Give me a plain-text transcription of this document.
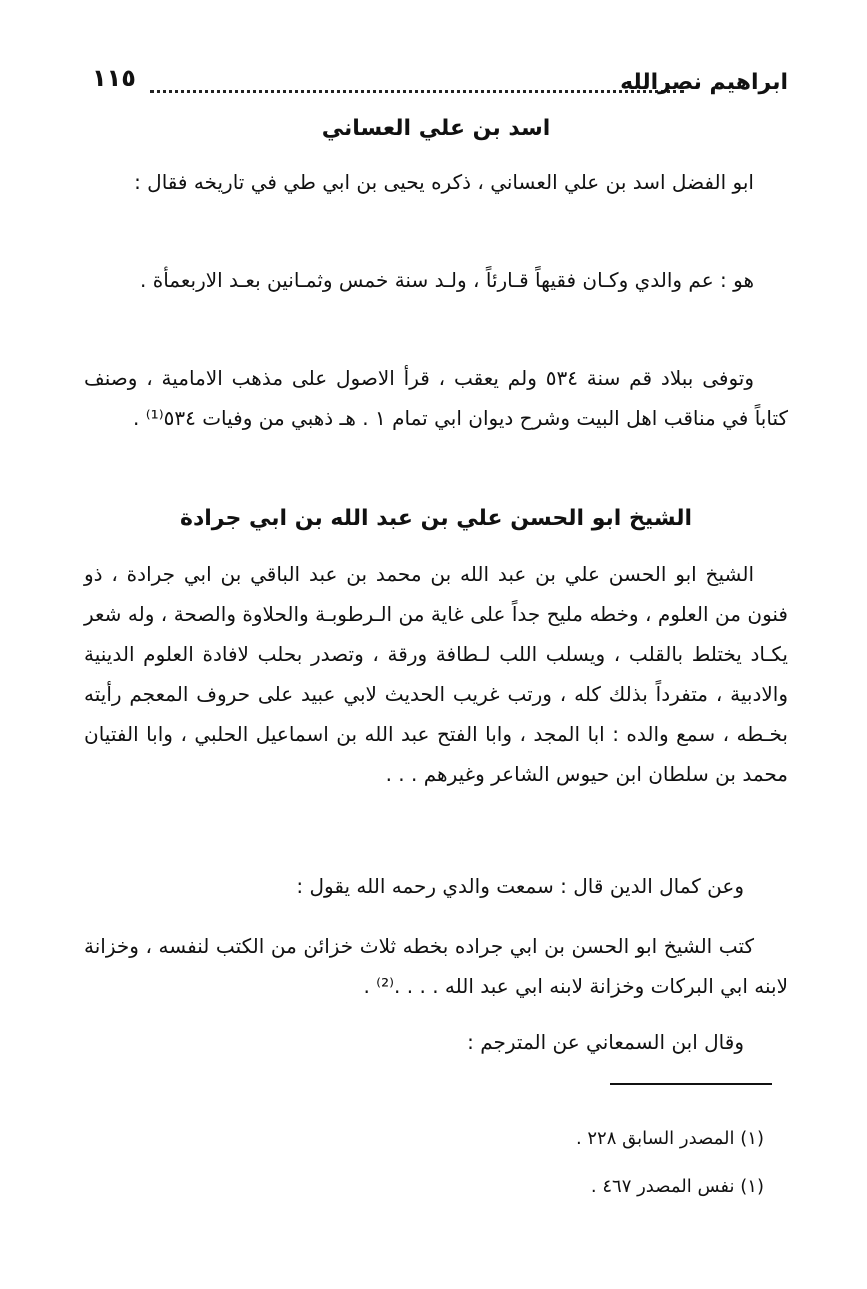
١١٥	ابراهيم نصرالله
اسد بن علي العساني
ابو الفضل اسد بن علي العساني ، ذكره يحيى بن ابي طي في تاريخه فقال :
هو : عم والدي وكـان فقيهاً قـارئاً ، ولـد سنة خمس وثمـانين بعـد الاربعمأة .
وتوفى ببلاد قم سنة ٥٣٤ ولم يعقب ، قرأ الاصول على مذهب الامامية ، وصنف كتاباً في مناقب اهل البيت وشرح ديوان ابي تمام ١ . هـ ذهبي من وفيات ٥٣٤⁽¹⁾ .
الشيخ ابو الحسن علي بن عبد الله بن ابي جرادة
الشيخ ابو الحسن علي بن عبد الله بن محمد بن عبد الباقي بن ابي جرادة ، ذو فنون من العلوم ، وخطه مليح جداً على غاية من الـرطوبـة والحلاوة والصحة ، وله شعر يكـاد يختلط بالقلب ، ويسلب اللب لـطافة ورقة ، وتصدر بحلب لافادة العلوم الدينية والادبية ، متفرداً بذلك كله ، ورتب غريب الحديث لابي عبيد على حروف المعجم رأيته بخـطه ، سمع والده : ابا المجد ، وابا الفتح عبد الله بن اسماعيل الحلبي ، وابا الفتيان محمد بن سلطان ابن حيوس الشاعر وغيرهم . . .
وعن كمال الدين قال : سمعت والدي رحمه الله يقول :
كتب الشيخ ابو الحسن بن ابي جراده بخطه ثلاث خزائن من الكتب لنفسه ، وخزانة لابنه ابي البركات وخزانة لابنه ابي عبد الله . . . .⁽²⁾ .
وقال ابن السمعاني عن المترجم :
(١) المصدر السابق ٢٢٨ .
(١) نفس المصدر ٤٦٧ .
